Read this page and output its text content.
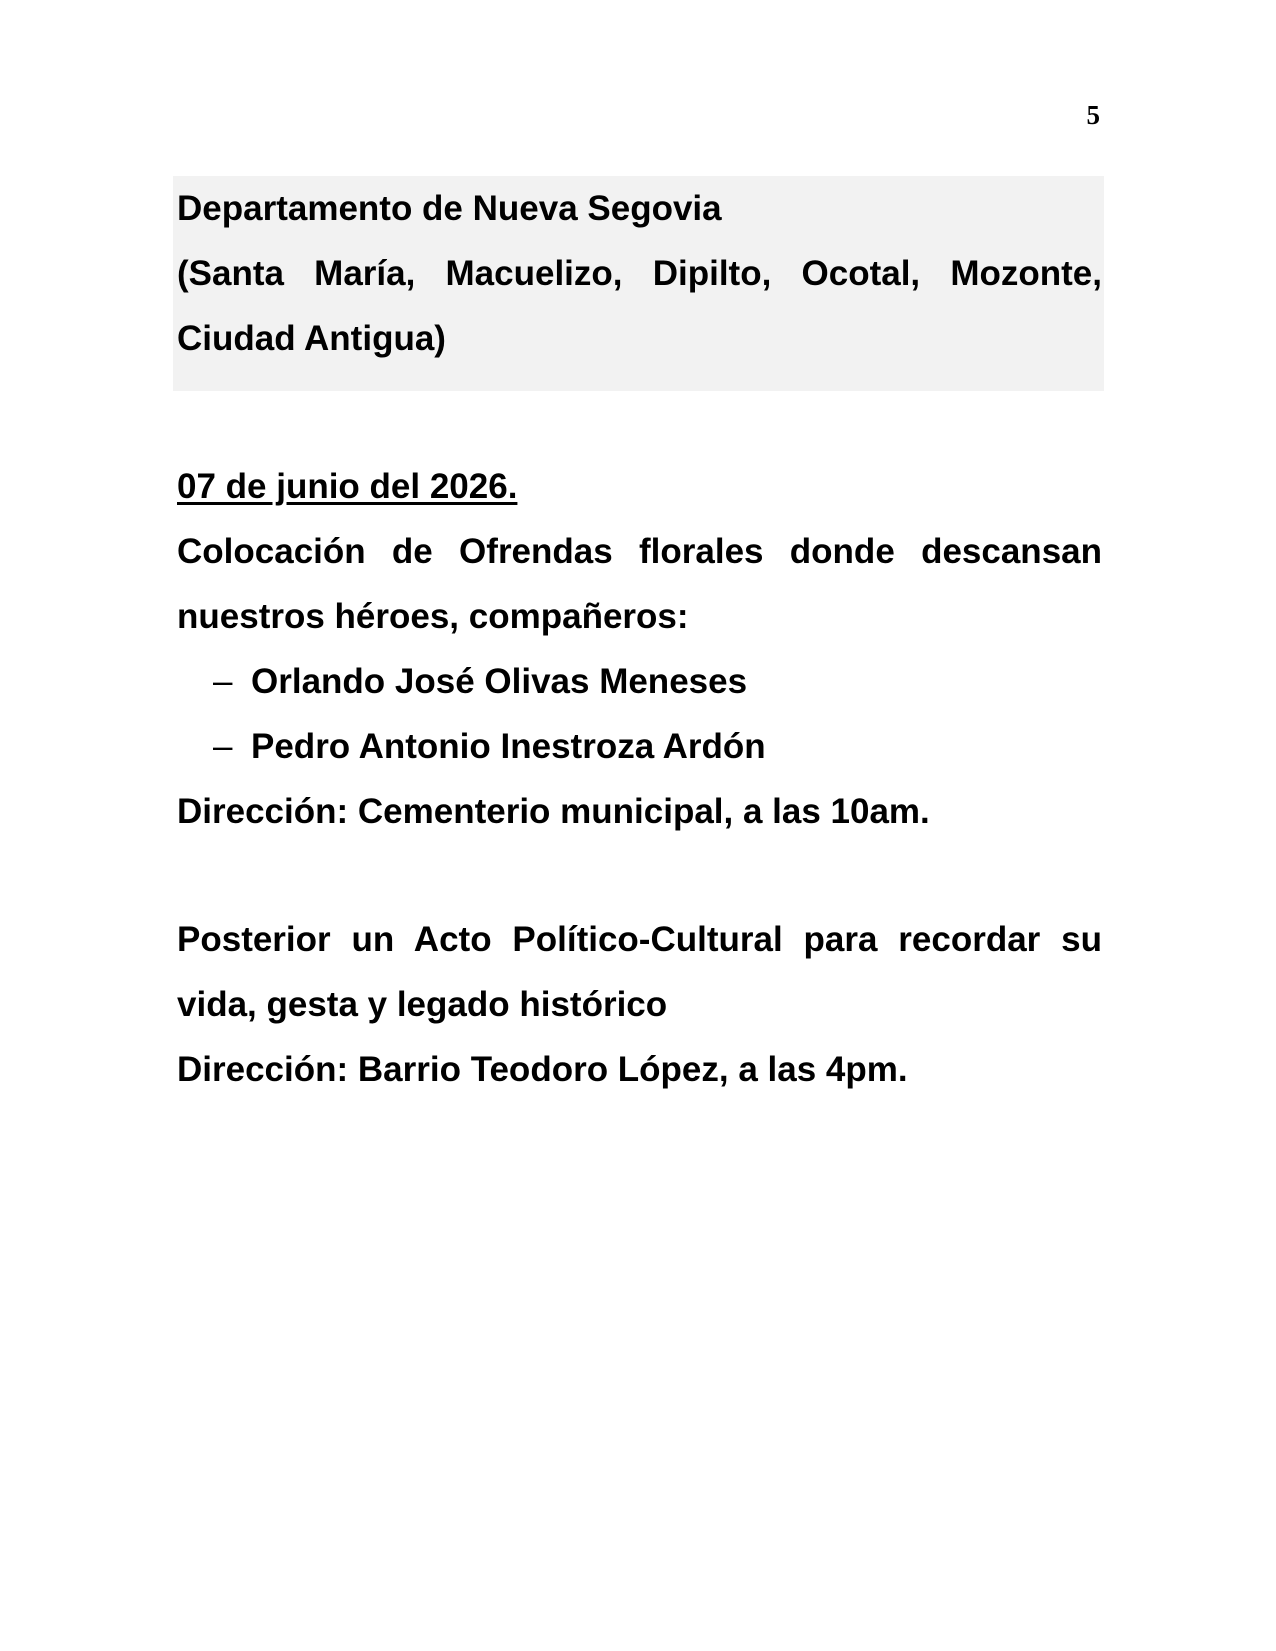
5

Departamento de Nueva Segovia

(Santa María, Macuelizo, Dipilto, Ocotal, Mozonte, Ciudad Antigua)

07 de junio del 2026.

Colocación de Ofrendas florales donde descansan nuestros héroes, compañeros:

– Orlando José Olivas Meneses
– Pedro Antonio Inestroza Ardón

Dirección: Cementerio municipal, a las 10am.

Posterior un Acto Político-Cultural para recordar su vida, gesta y legado histórico

Dirección: Barrio Teodoro López, a las 4pm.
